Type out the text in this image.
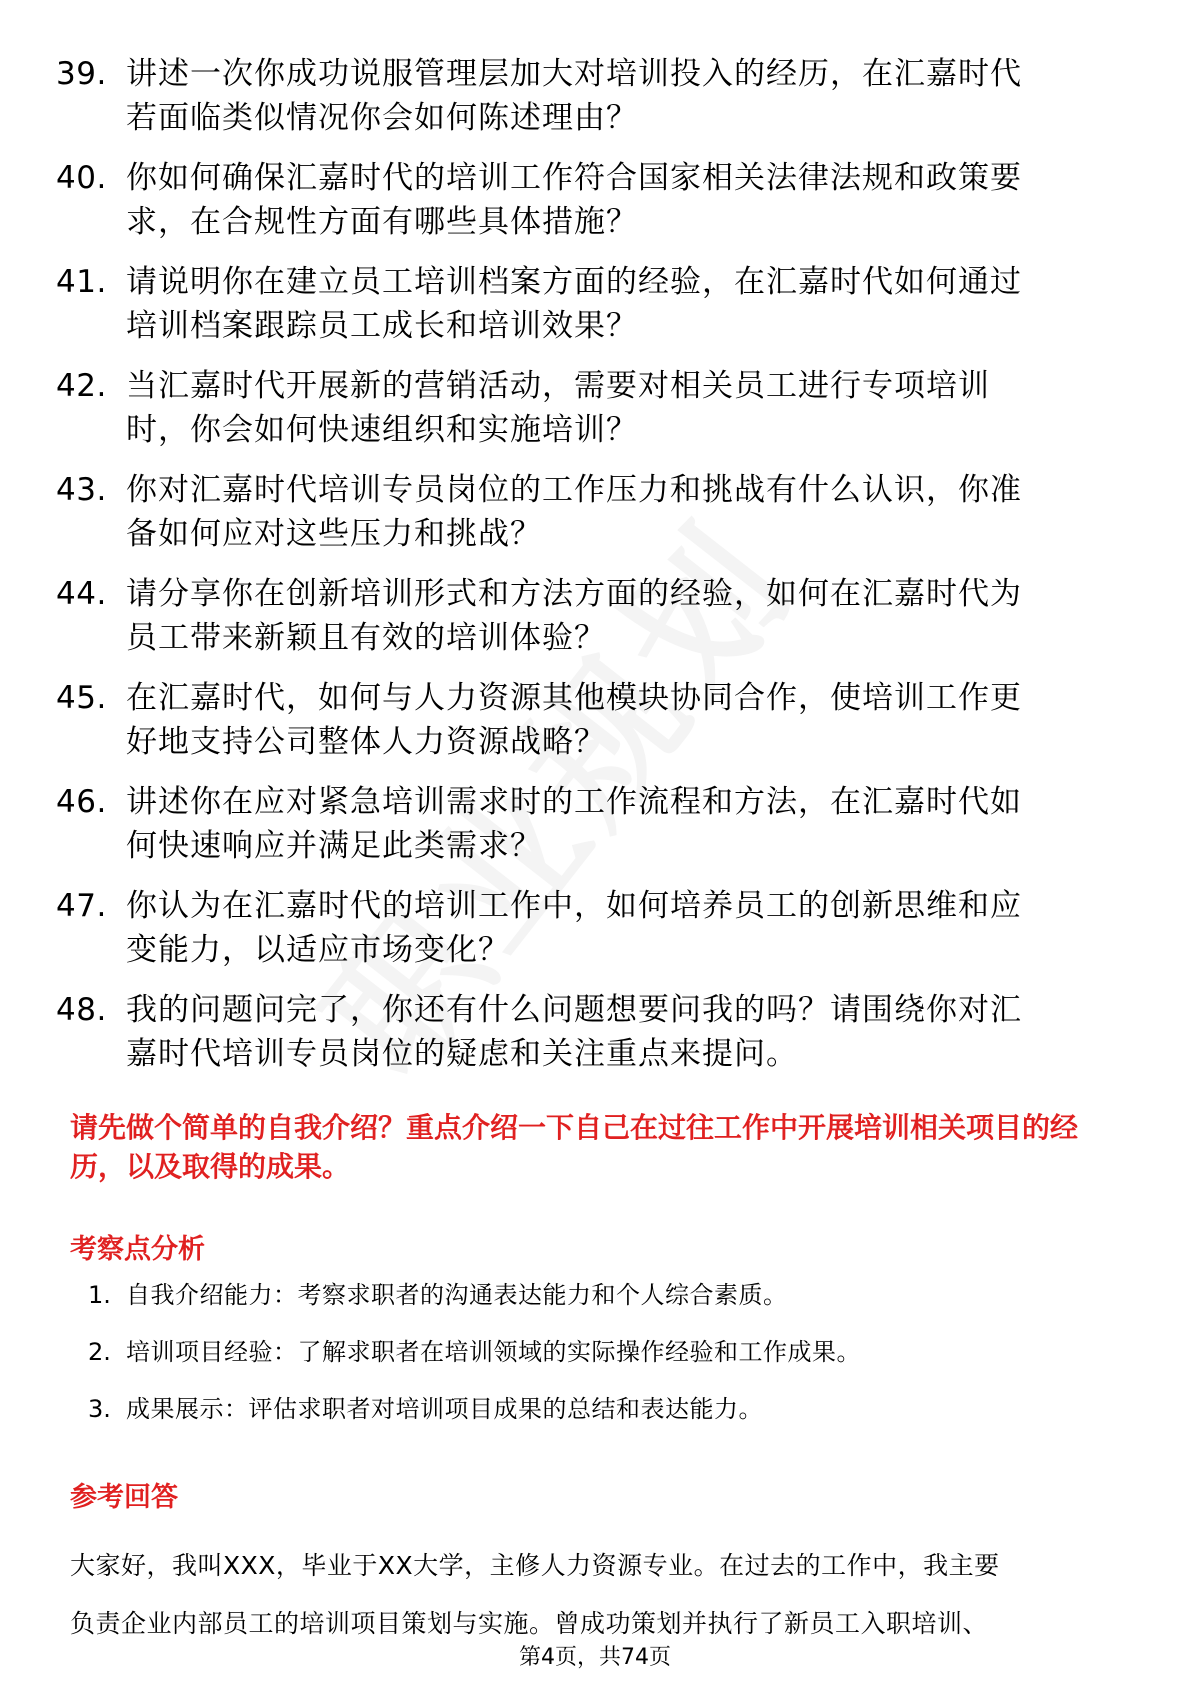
39. 讲述一次你成功说服管理层加大对培训投入的经历，在汇嘉时代
若面临类似情况你会如何陈述理由？
40. 你如何确保汇嘉时代的培训工作符合国家相关法律法规和政策要
求，在合规性方面有哪些具体措施？
41. 请说明你在建立员工培训档案方面的经验，在汇嘉时代如何通过
培训档案跟踪员工成长和培训效果？
42. 当汇嘉时代开展新的营销活动，需要对相关员工进行专项培训
时，你会如何快速组织和实施培训？
43. 你对汇嘉时代培训专员岗位的工作压力和挑战有什么认识，你准
备如何应对这些压力和挑战？
44. 请分享你在创新培训形式和方法方面的经验，如何在汇嘉时代为
员工带来新颖且有效的培训体验？
45. 在汇嘉时代，如何与人力资源其他模块协同合作，使培训工作更
好地支持公司整体人力资源战略？
46. 讲述你在应对紧急培训需求时的工作流程和方法，在汇嘉时代如
何快速响应并满足此类需求？
47. 你认为在汇嘉时代的培训工作中，如何培养员工的创新思维和应
变能力，以适应市场变化？
48. 我的问题问完了，你还有什么问题想要问我的吗？请围绕你对汇
嘉时代培训专员岗位的疑虑和关注重点来提问。
请先做个简单的自我介绍？重点介绍一下自己在过往工作中开展培训相关项目的经
历，以及取得的成果。
考察点分析
1. 自我介绍能力：考察求职者的沟通表达能力和个人综合素质。
2. 培训项目经验：了解求职者在培训领域的实际操作经验和工作成果。
3. 成果展示：评估求职者对培训项目成果的总结和表达能力。
参考回答
大家好，我叫XXX，毕业于XX大学，主修人力资源专业。在过去的工作中，我主要
负责企业内部员工的培训项目策划与实施。曾成功策划并执行了新员工入职培训、
第4页，共74页
